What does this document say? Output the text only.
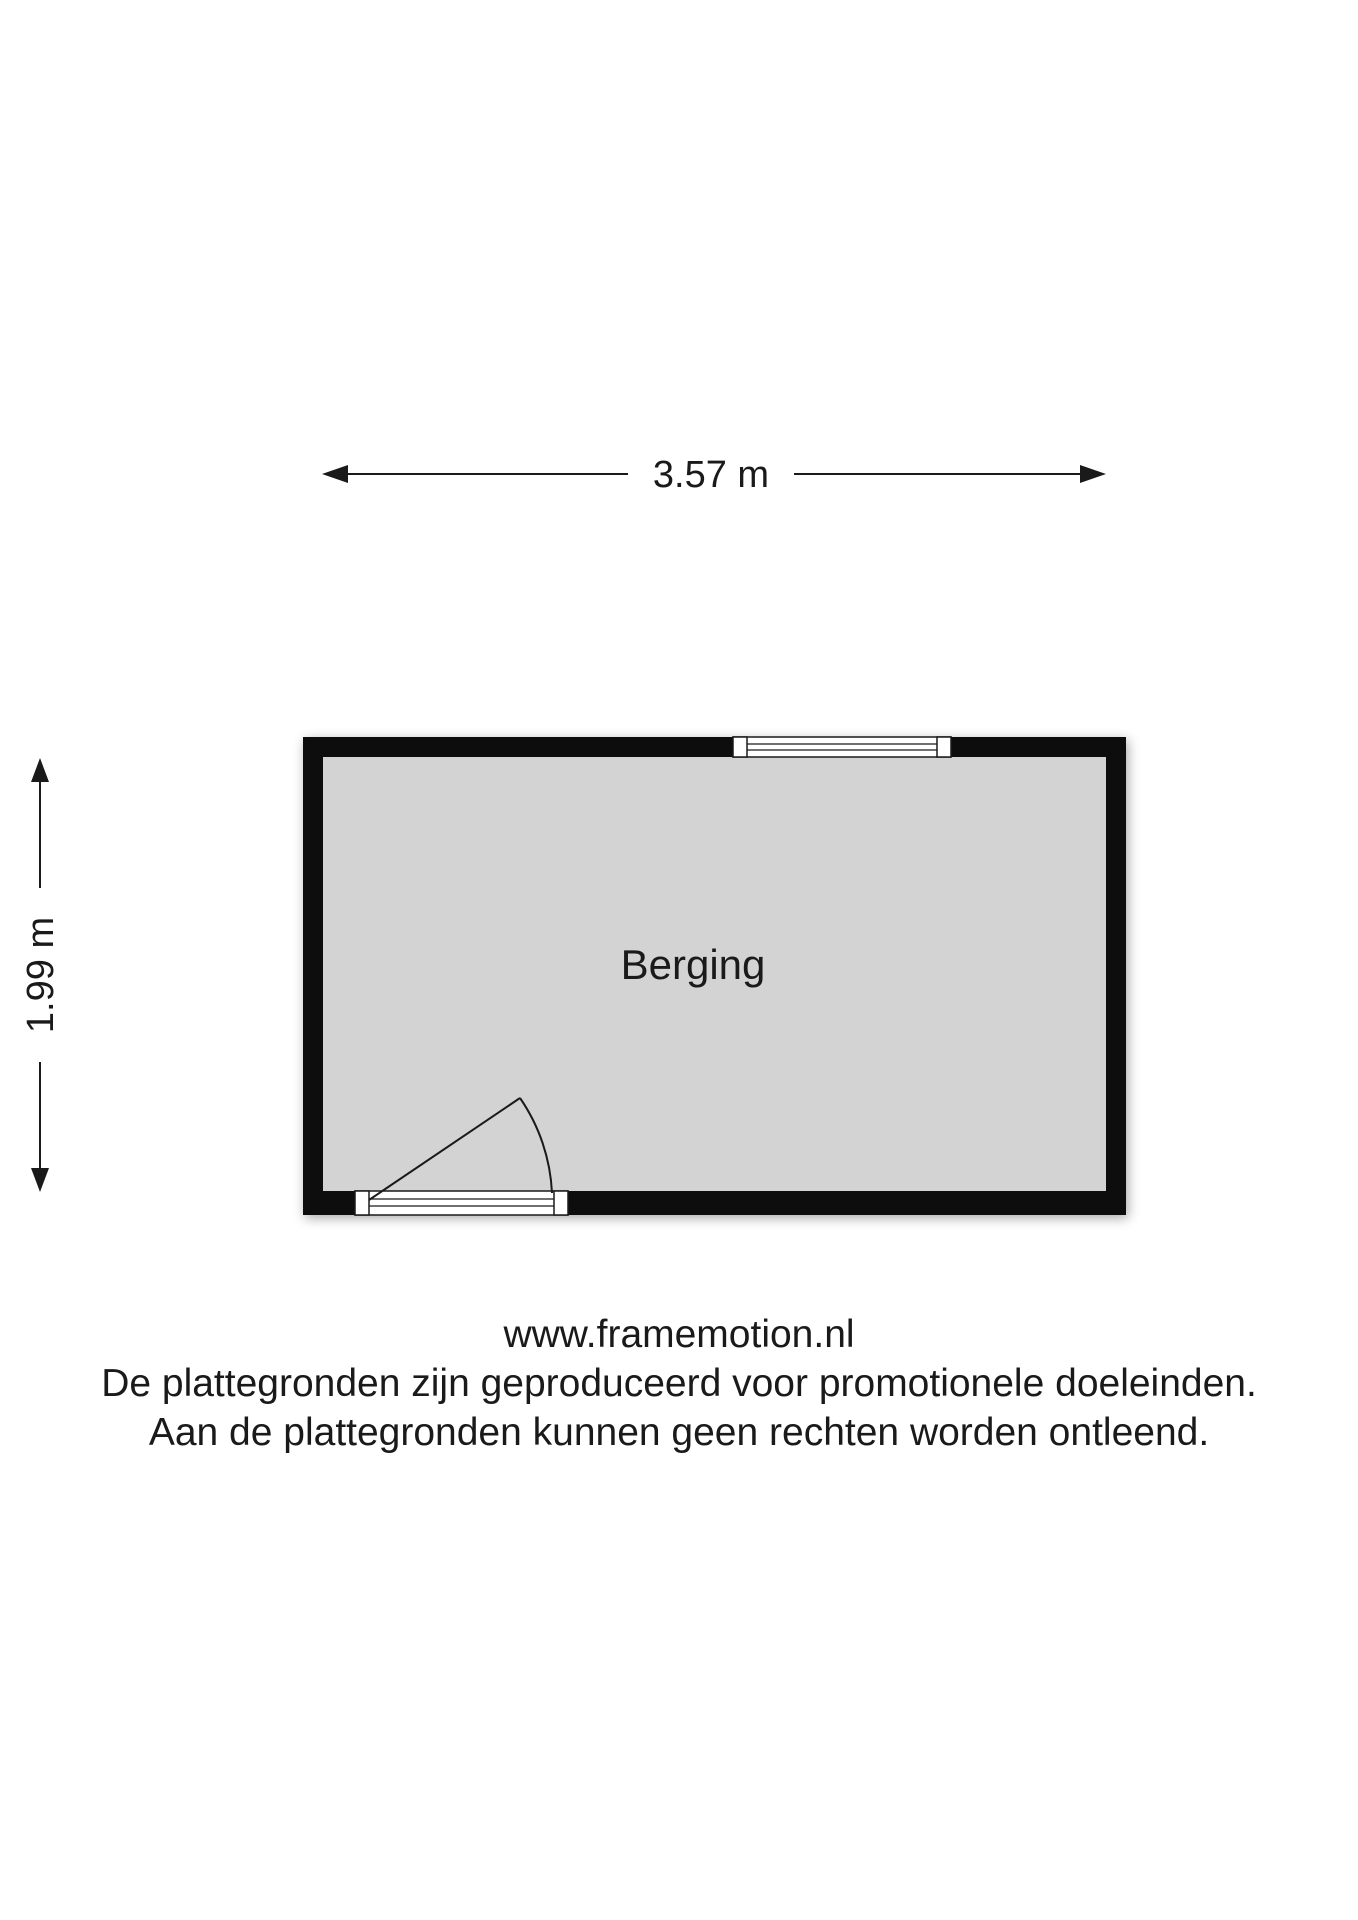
3.57 m
1.99 m	Berging
www.framemotion.nl
De plattegronden zijn geproduceerd voor promotionele doeleinden.
Aan de plattegronden kunnen geen rechten worden ontleend.
